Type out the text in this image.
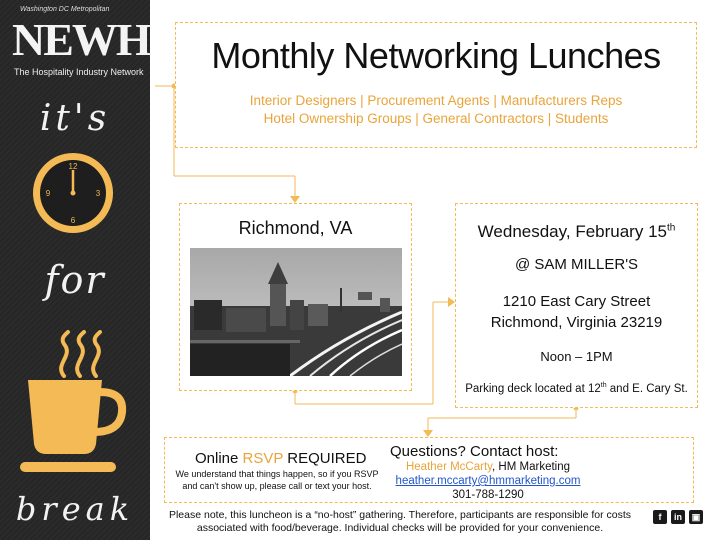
Washington DC Metropolitan
NEWH
The Hospitality Industry Network
it's
12
3
6
9
for
break
Monthly Networking Lunches
Interior Designers | Procurement Agents | Manufacturers Reps
Hotel Ownership Groups | General Contractors | Students
Richmond, VA	Wednesday, February 15th
@ SAM MILLER'S
1210 East Cary Street
Richmond, Virginia 23219
Noon – 1PM
Parking deck located at 12th and E. Cary St.
Online RSVP REQUIRED
We understand that things happen, so if you RSVP
and can't show up, please call or text your host.
Questions? Contact host:
Heather McCarty, HM Marketing
heather.mccarty@hmmarketing.com
301-788-1290
Please note, this luncheon is a “no-host” gathering. Therefore, participants are responsible for costs
associated with food/beverage. Individual checks will be provided for your convenience.
f	in	▣
